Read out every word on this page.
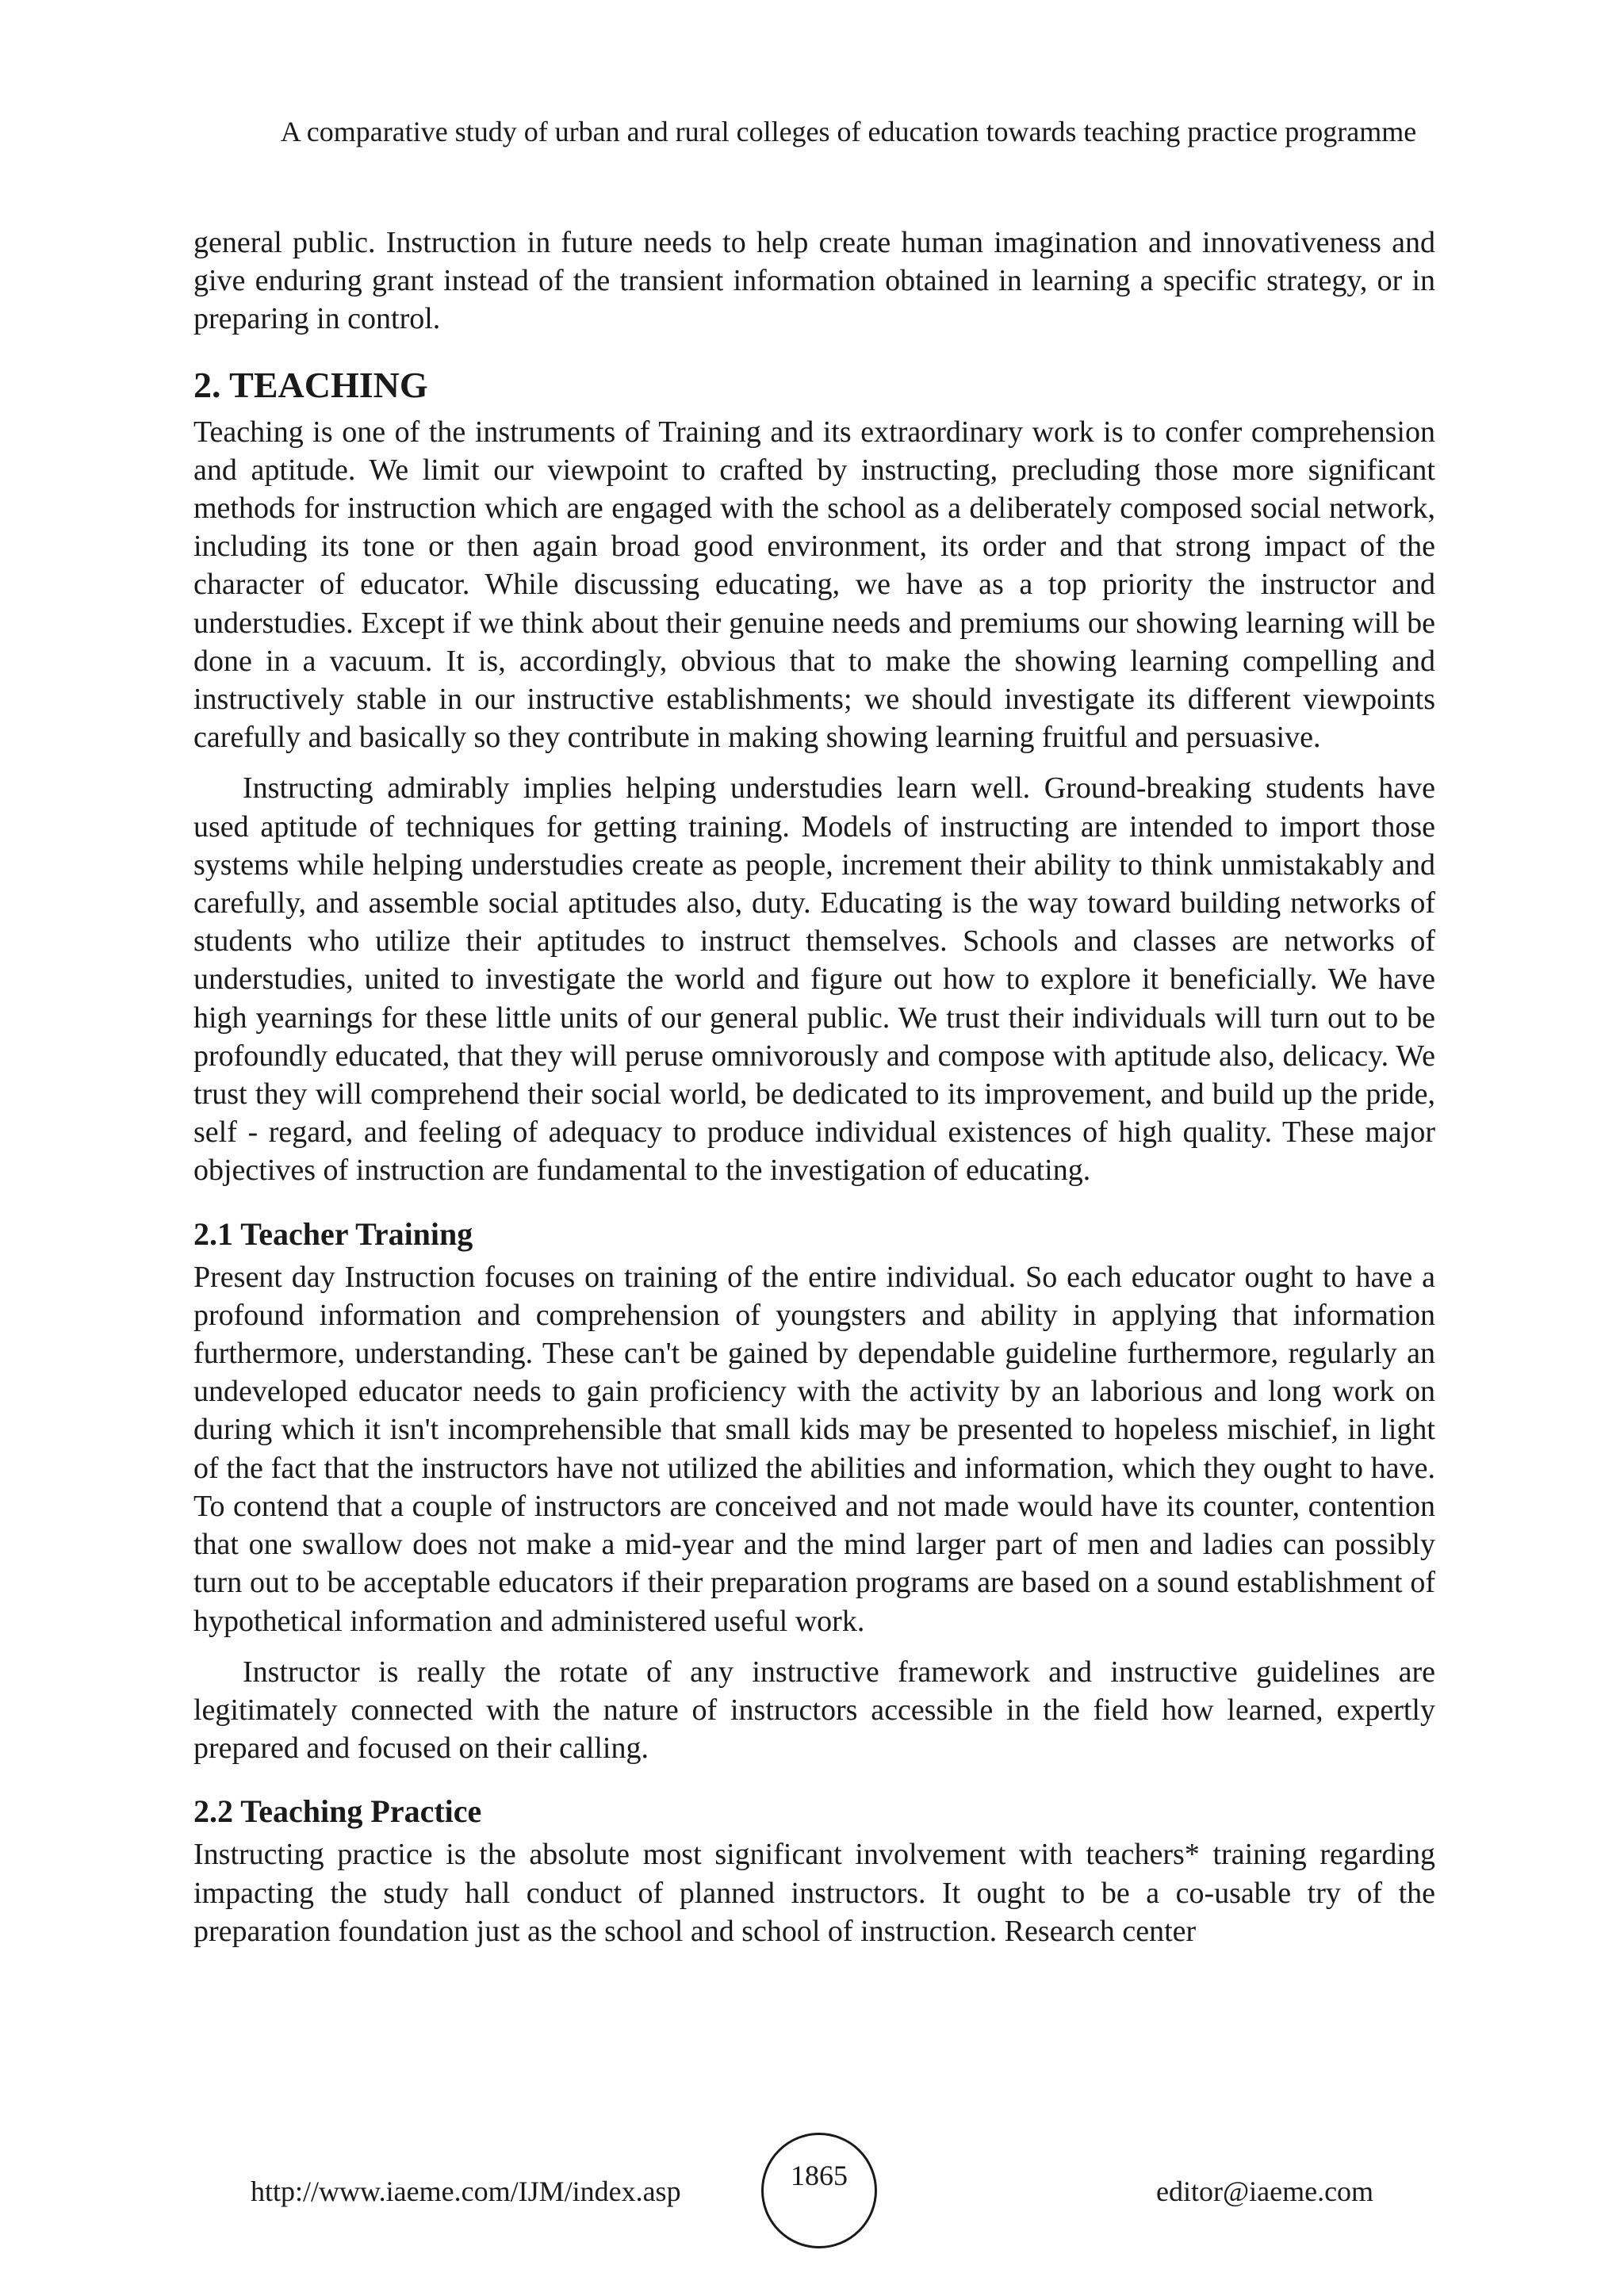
A comparative study of urban and rural colleges of education towards teaching practice programme

general public. Instruction in future needs to help create human imagination and innovativeness and give enduring grant instead of the transient information obtained in learning a specific strategy, or in preparing in control.

2. TEACHING

Teaching is one of the instruments of Training and its extraordinary work is to confer comprehension and aptitude. We limit our viewpoint to crafted by instructing, precluding those more significant methods for instruction which are engaged with the school as a deliberately composed social network, including its tone or then again broad good environment, its order and that strong impact of the character of educator. While discussing educating, we have as a top priority the instructor and understudies. Except if we think about their genuine needs and premiums our showing learning will be done in a vacuum. It is, accordingly, obvious that to make the showing learning compelling and instructively stable in our instructive establishments; we should investigate its different viewpoints carefully and basically so they contribute in making showing learning fruitful and persuasive.

Instructing admirably implies helping understudies learn well. Ground-breaking students have used aptitude of techniques for getting training. Models of instructing are intended to import those systems while helping understudies create as people, increment their ability to think unmistakably and carefully, and assemble social aptitudes also, duty. Educating is the way toward building networks of students who utilize their aptitudes to instruct themselves. Schools and classes are networks of understudies, united to investigate the world and figure out how to explore it beneficially. We have high yearnings for these little units of our general public. We trust their individuals will turn out to be profoundly educated, that they will peruse omnivorously and compose with aptitude also, delicacy. We trust they will comprehend their social world, be dedicated to its improvement, and build up the pride, self - regard, and feeling of adequacy to produce individual existences of high quality. These major objectives of instruction are fundamental to the investigation of educating.

2.1 Teacher Training

Present day Instruction focuses on training of the entire individual. So each educator ought to have a profound information and comprehension of youngsters and ability in applying that information furthermore, understanding. These can't be gained by dependable guideline furthermore, regularly an undeveloped educator needs to gain proficiency with the activity by an laborious and long work on during which it isn't incomprehensible that small kids may be presented to hopeless mischief, in light of the fact that the instructors have not utilized the abilities and information, which they ought to have. To contend that a couple of instructors are conceived and not made would have its counter, contention that one swallow does not make a mid-year and the mind larger part of men and ladies can possibly turn out to be acceptable educators if their preparation programs are based on a sound establishment of hypothetical information and administered useful work.

Instructor is really the rotate of any instructive framework and instructive guidelines are legitimately connected with the nature of instructors accessible in the field how learned, expertly prepared and focused on their calling.

2.2 Teaching Practice

Instructing practice is the absolute most significant involvement with teachers* training regarding impacting the study hall conduct of planned instructors. It ought to be a co-usable try of the preparation foundation just as the school and school of instruction. Research center

http://www.iaeme.com/IJM/index.asp	1865	editor@iaeme.com
